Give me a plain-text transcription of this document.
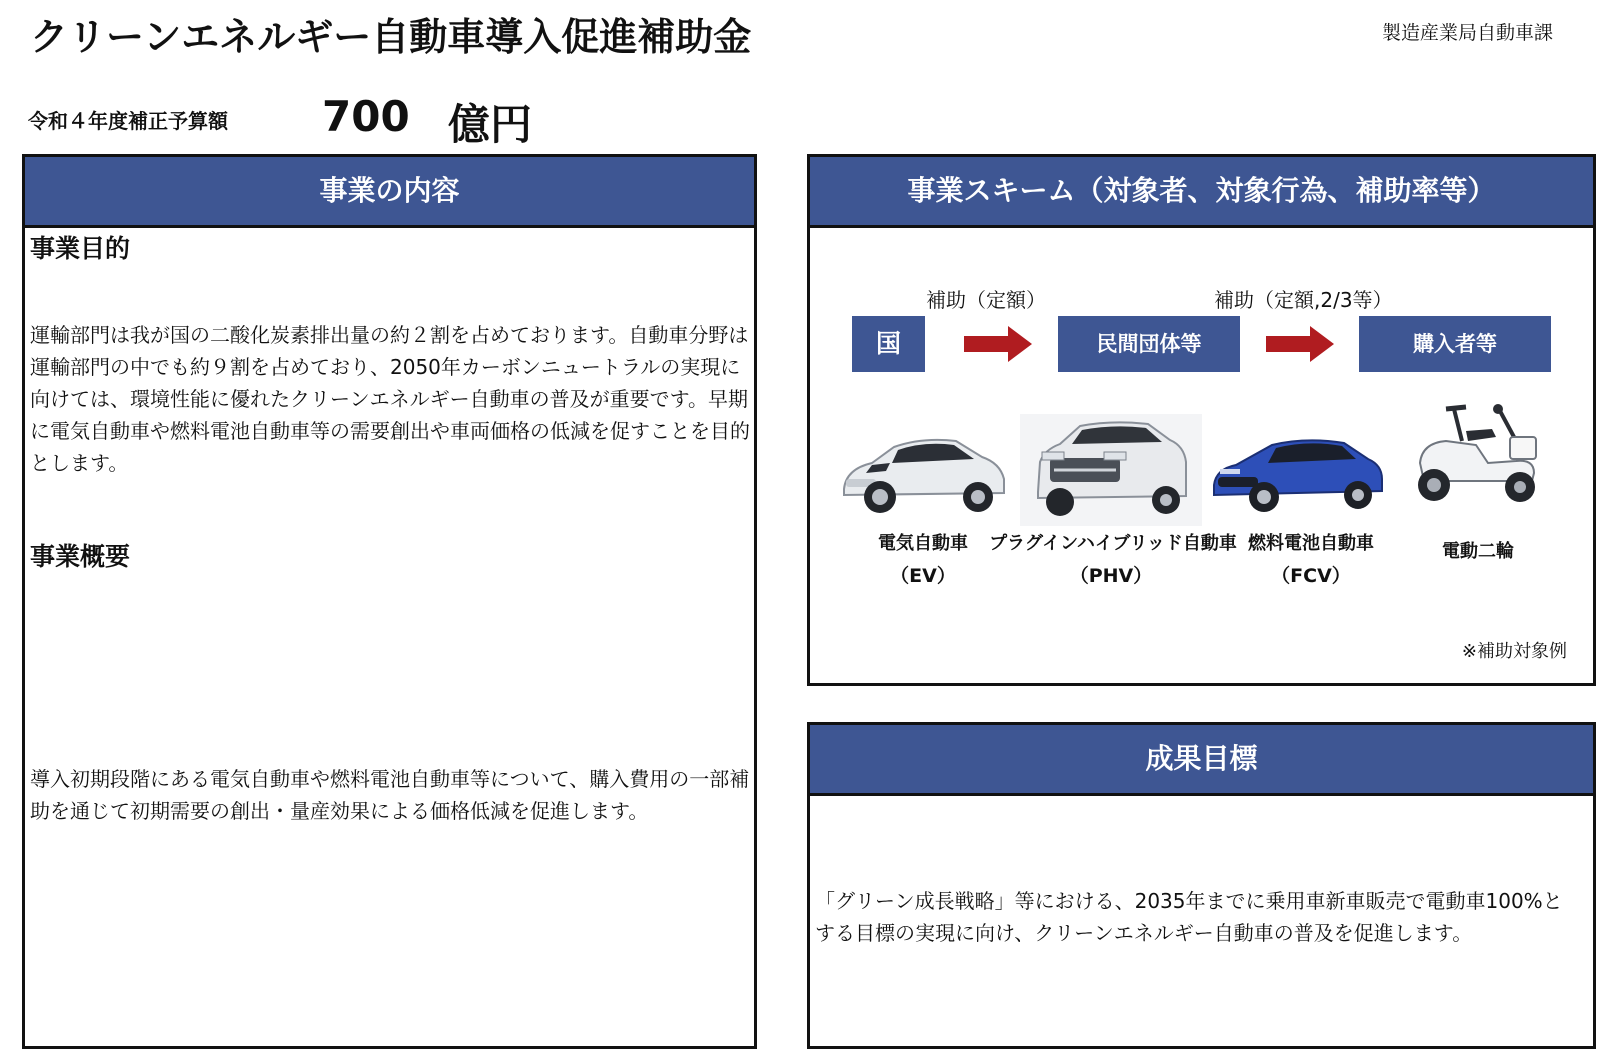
クリーンエネルギー自動車導入促進補助金	製造産業局自動車課
令和４年度補正予算額 700 億円
事業の内容
事業目的
運輸部門は我が国の二酸化炭素排出量の約２割を占めております。自動車分野は運輸部門の中でも約９割を占めており、2050年カーボンニュートラルの実現に向けては、環境性能に優れたクリーンエネルギー自動車の普及が重要です。早期に電気自動車や燃料電池自動車等の需要創出や車両価格の低減を促すことを目的とします。
事業概要
導入初期段階にある電気自動車や燃料電池自動車等について、購入費用の一部補助を通じて初期需要の創出・量産効果による価格低減を促進します。
事業スキーム（対象者、対象行為、補助率等）
補助（定額）	補助（定額,2/3等）
国	民間団体等	購入者等
電気自動車
（EV）
プラグインハイブリッド自動車
（PHV）
燃料電池自動車
（FCV）
電動二輪
※補助対象例
成果目標
「グリーン成長戦略」等における、2035年までに乗用車新車販売で電動車100%とする目標の実現に向け、クリーンエネルギー自動車の普及を促進します。
